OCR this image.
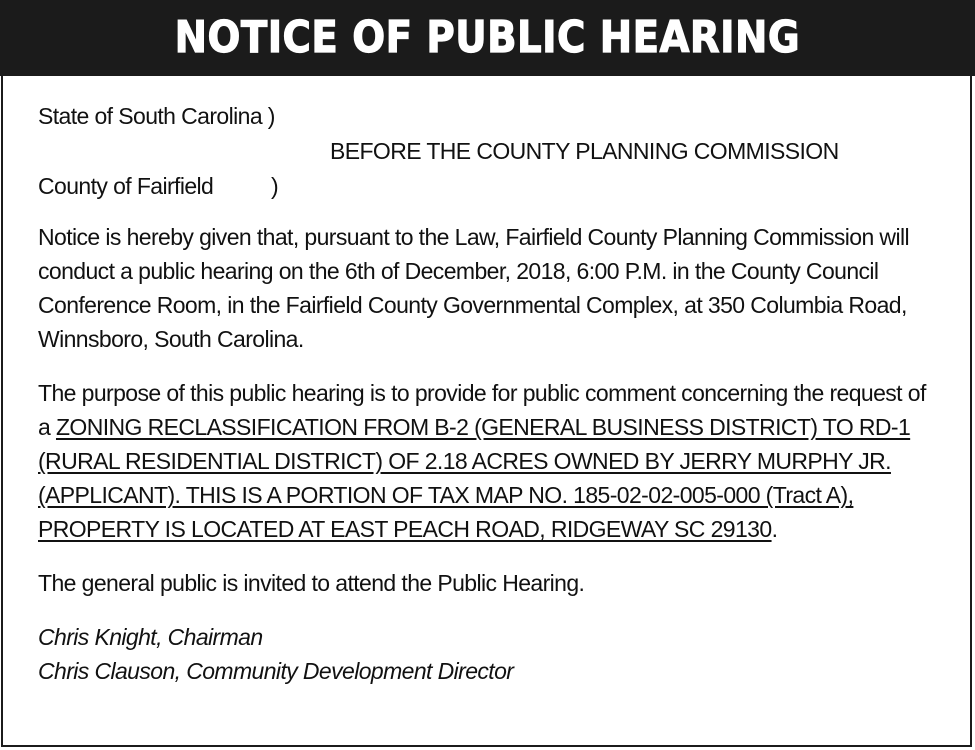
NOTICE OF PUBLIC HEARING
State of South Carolina )
BEFORE THE COUNTY PLANNING COMMISSION
County of Fairfield	)

Notice is hereby given that, pursuant to the Law, Fairfield County Planning Commission will conduct a public hearing on the 6th of December, 2018, 6:00 P.M. in the County Council Conference Room, in the Fairfield County Governmental Complex, at 350 Columbia Road, Winnsboro, South Carolina.

The purpose of this public hearing is to provide for public comment concerning the request of a ZONING RECLASSIFICATION FROM B-2 (GENERAL BUSINESS DISTRICT) TO RD-1 (RURAL RESIDENTIAL DISTRICT) OF 2.18 ACRES OWNED BY JERRY MURPHY JR. (APPLICANT). THIS IS A PORTION OF TAX MAP NO. 185-02-02-005-000 (Tract A), PROPERTY IS LOCATED AT EAST PEACH ROAD, RIDGEWAY SC 29130.

The general public is invited to attend the Public Hearing.

Chris Knight, Chairman
Chris Clauson, Community Development Director
